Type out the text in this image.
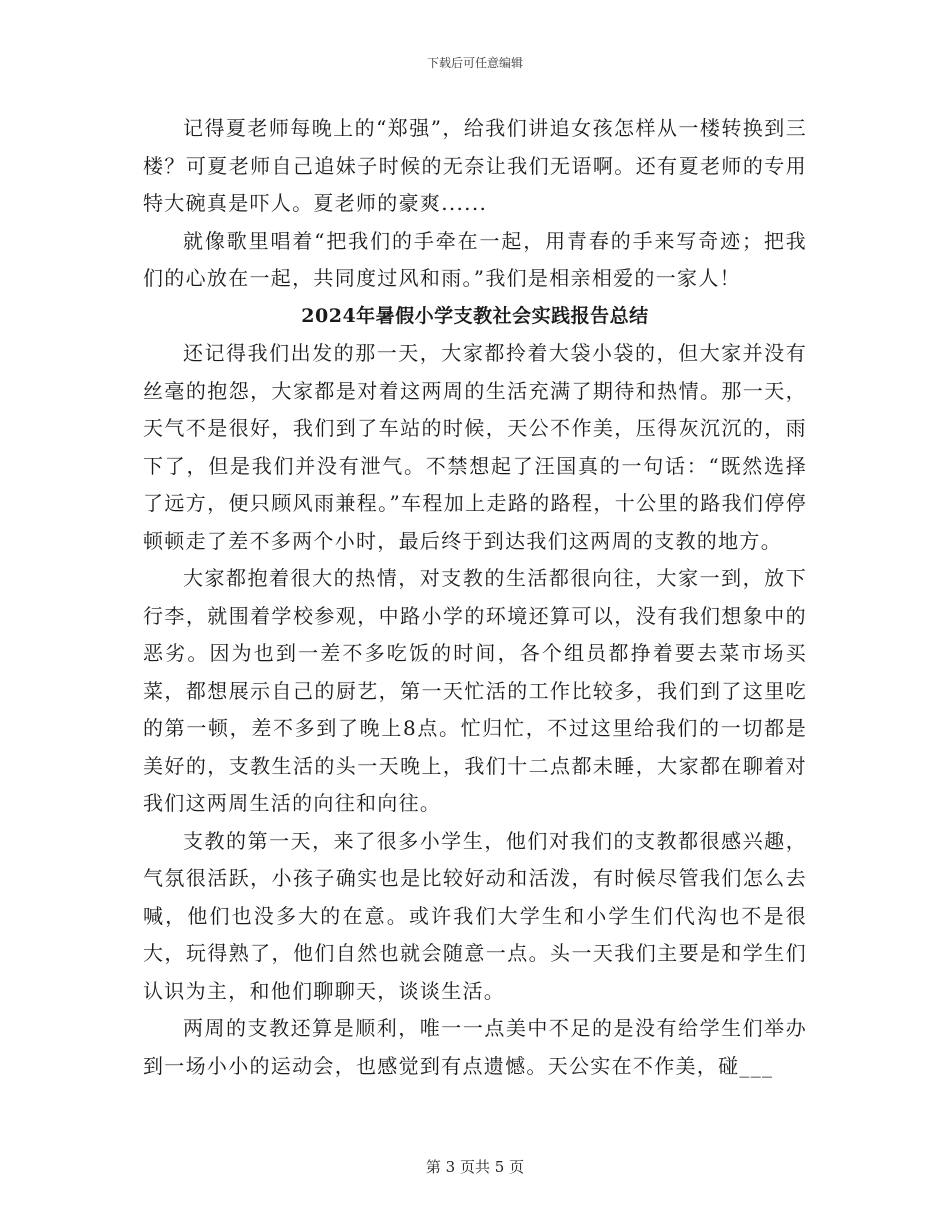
下载后可任意编辑

记得夏老师每晚上的“郑强”，给我们讲追女孩怎样从一楼转换到三楼？可夏老师自己追妹子时候的无奈让我们无语啊。还有夏老师的专用特大碗真是吓人。夏老师的豪爽......

就像歌里唱着“把我们的手牵在一起，用青春的手来写奇迹；把我们的心放在一起，共同度过风和雨。”我们是相亲相爱的一家人！

2024年暑假小学支教社会实践报告总结

还记得我们出发的那一天，大家都拎着大袋小袋的，但大家并没有丝毫的抱怨，大家都是对着这两周的生活充满了期待和热情。那一天，天气不是很好，我们到了车站的时候，天公不作美，压得灰沉沉的，雨下了，但是我们并没有泄气。不禁想起了汪国真的一句话：“既然选择了远方，便只顾风雨兼程。”车程加上走路的路程，十公里的路我们停停顿顿走了差不多两个小时，最后终于到达我们这两周的支教的地方。

大家都抱着很大的热情，对支教的生活都很向往，大家一到，放下行李，就围着学校参观，中路小学的环境还算可以，没有我们想象中的恶劣。因为也到一差不多吃饭的时间，各个组员都挣着要去菜市场买菜，都想展示自己的厨艺，第一天忙活的工作比较多，我们到了这里吃的第一顿，差不多到了晚上8点。忙归忙，不过这里给我们的一切都是美好的，支教生活的头一天晚上，我们十二点都未睡，大家都在聊着对我们这两周生活的向往和向往。

支教的第一天，来了很多小学生，他们对我们的支教都很感兴趣，气氛很活跃，小孩子确实也是比较好动和活泼，有时候尽管我们怎么去喊，他们也没多大的在意。或许我们大学生和小学生们代沟也不是很大，玩得熟了，他们自然也就会随意一点。头一天我们主要是和学生们认识为主，和他们聊聊天，谈谈生活。

两周的支教还算是顺利，唯一一点美中不足的是没有给学生们举办到一场小小的运动会，也感觉到有点遗憾。天公实在不作美，碰___

第 3 页共 5 页
